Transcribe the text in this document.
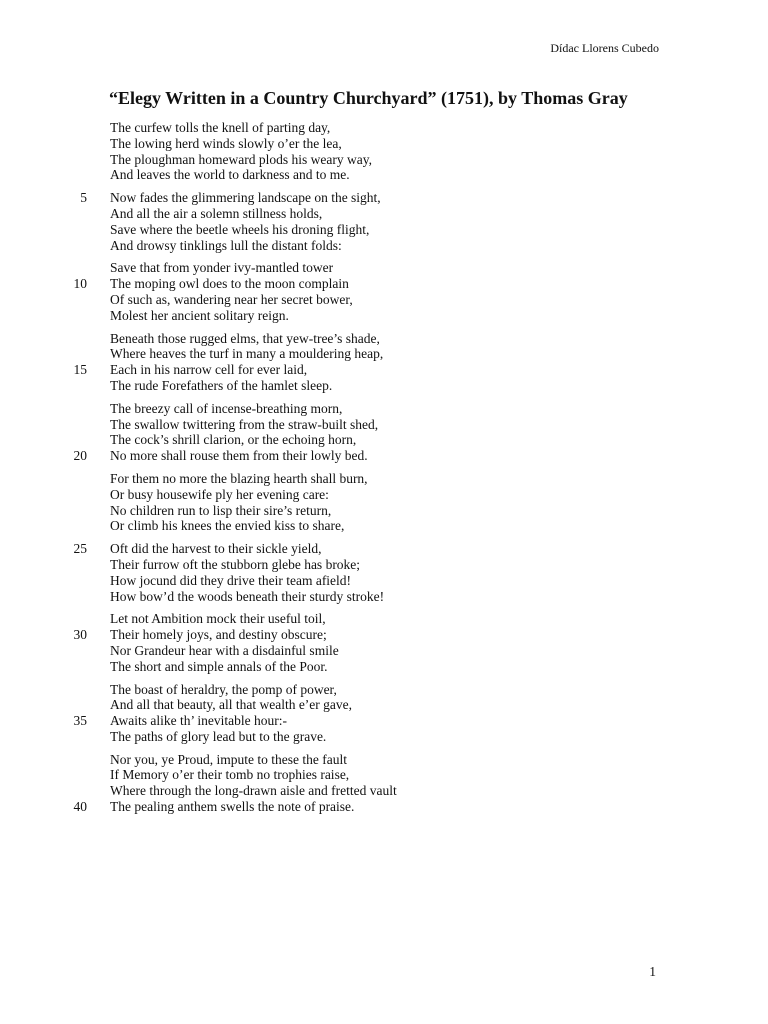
Dídac Llorens Cubedo
“Elegy Written in a Country Churchyard” (1751), by Thomas Gray
The curfew tolls the knell of parting day,
The lowing herd winds slowly o’er the lea,
The ploughman homeward plods his weary way,
And leaves the world to darkness and to me.
5 Now fades the glimmering landscape on the sight,
And all the air a solemn stillness holds,
Save where the beetle wheels his droning flight,
And drowsy tinklings lull the distant folds:
Save that from yonder ivy-mantled tower
10 The moping owl does to the moon complain
Of such as, wandering near her secret bower,
Molest her ancient solitary reign.
Beneath those rugged elms, that yew-tree’s shade,
Where heaves the turf in many a mouldering heap,
15 Each in his narrow cell for ever laid,
The rude Forefathers of the hamlet sleep.
The breezy call of incense-breathing morn,
The swallow twittering from the straw-built shed,
The cock’s shrill clarion, or the echoing horn,
20 No more shall rouse them from their lowly bed.
For them no more the blazing hearth shall burn,
Or busy housewife ply her evening care:
No children run to lisp their sire’s return,
Or climb his knees the envied kiss to share,
25 Oft did the harvest to their sickle yield,
Their furrow oft the stubborn glebe has broke;
How jocund did they drive their team afield!
How bow’d the woods beneath their sturdy stroke!
Let not Ambition mock their useful toil,
30 Their homely joys, and destiny obscure;
Nor Grandeur hear with a disdainful smile
The short and simple annals of the Poor.
The boast of heraldry, the pomp of power,
And all that beauty, all that wealth e’er gave,
35 Awaits alike th’ inevitable hour:-
The paths of glory lead but to the grave.
Nor you, ye Proud, impute to these the fault
If Memory o’er their tomb no trophies raise,
Where through the long-drawn aisle and fretted vault
40 The pealing anthem swells the note of praise.
1
